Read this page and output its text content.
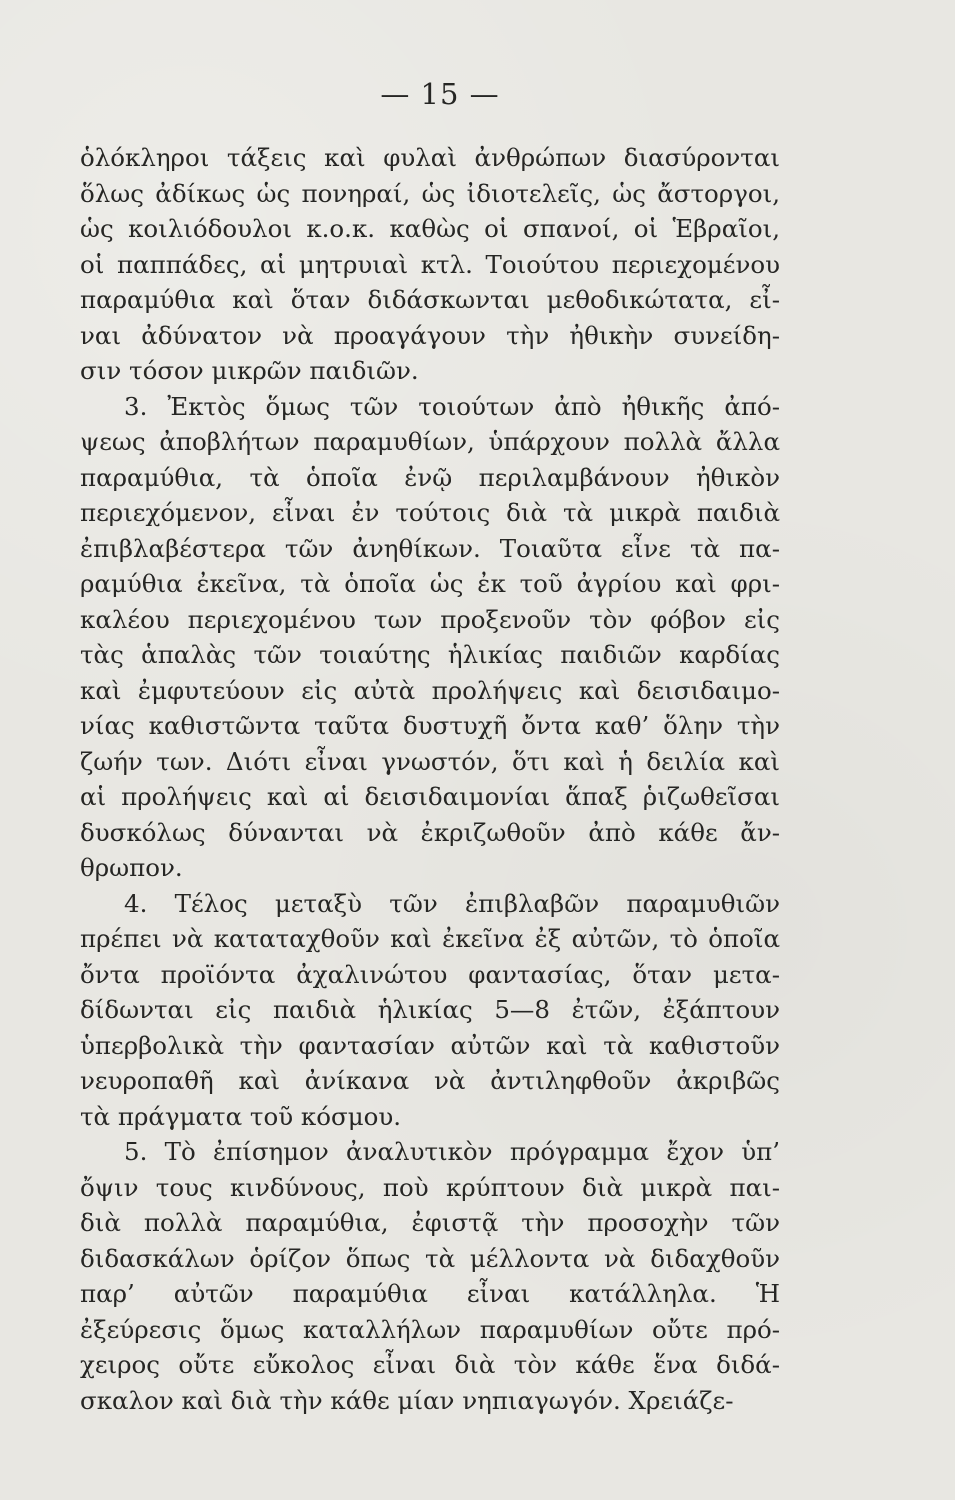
— 15 —
ὁλόκληροι τάξεις καὶ φυλαὶ ἀνθρώπων διασύρονται
ὅλως ἀδίκως ὡς πονηραί, ὡς ἰδιοτελεῖς, ὡς ἄστοργοι,
ὡς κοιλιόδουλοι κ.ο.κ. καθὼς οἱ σπανοί, οἱ Ἑβραῖοι,
οἱ παππάδες, αἱ μητρυιαὶ κτλ. Τοιούτου περιεχομένου
παραμύθια καὶ ὅταν διδάσκωνται μεθοδικώτατα, εἶ-
ναι ἀδύνατον νὰ προαγάγουν τὴν ἠθικὴν συνείδη-
σιν τόσον μικρῶν παιδιῶν.
3. Ἐκτὸς ὅμως τῶν τοιούτων ἀπὸ ἠθικῆς ἀπό-
ψεως ἀποβλήτων παραμυθίων, ὑπάρχουν πολλὰ ἄλλα
παραμύθια, τὰ ὁποῖα ἐνῷ περιλαμβάνουν ἠθικὸν
περιεχόμενον, εἶναι ἐν τούτοις διὰ τὰ μικρὰ παιδιὰ
ἐπιβλαβέστερα τῶν ἀνηθίκων. Τοιαῦτα εἶνε τὰ πα-
ραμύθια ἐκεῖνα, τὰ ὁποῖα ὡς ἐκ τοῦ ἀγρίου καὶ φρι-
καλέου περιεχομένου των προξενοῦν τὸν φόβον εἰς
τὰς ἁπαλὰς τῶν τοιαύτης ἡλικίας παιδιῶν καρδίας
καὶ ἐμφυτεύουν εἰς αὐτὰ προλήψεις καὶ δεισιδαιμο-
νίας καθιστῶντα ταῦτα δυστυχῆ ὄντα καθ’ ὅλην τὴν
ζωήν των. Διότι εἶναι γνωστόν, ὅτι καὶ ἡ δειλία καὶ
αἱ προλήψεις καὶ αἱ δεισιδαιμονίαι ἅπαξ ῥιζωθεῖσαι
δυσκόλως δύνανται νὰ ἐκριζωθοῦν ἀπὸ κάθε ἄν-
θρωπον.
4. Τέλος μεταξὺ τῶν ἐπιβλαβῶν παραμυθιῶν
πρέπει νὰ καταταχθοῦν καὶ ἐκεῖνα ἐξ αὐτῶν, τὸ ὁποῖα
ὄντα προϊόντα ἀχαλινώτου φαντασίας, ὅταν μετα-
δίδωνται εἰς παιδιὰ ἡλικίας 5—8 ἐτῶν, ἐξάπτουν
ὑπερβολικὰ τὴν φαντασίαν αὐτῶν καὶ τὰ καθιστοῦν
νευροπαθῆ καὶ ἀνίκανα νὰ ἀντιληφθοῦν ἀκριβῶς
τὰ πράγματα τοῦ κόσμου.
5. Τὸ ἐπίσημον ἀναλυτικὸν πρόγραμμα ἔχον ὑπ’
ὄψιν τους κινδύνους, ποὺ κρύπτουν διὰ μικρὰ παι-
διὰ πολλὰ παραμύθια, ἐφιστᾷ τὴν προσοχὴν τῶν
διδασκάλων ὁρίζον ὅπως τὰ μέλλοντα νὰ διδαχθοῦν
παρ’ αὐτῶν παραμύθια εἶναι κατάλληλα. Ἡ
ἐξεύρεσις ὅμως καταλλήλων παραμυθίων οὔτε πρό-
χειρος οὔτε εὔκολος εἶναι διὰ τὸν κάθε ἕνα διδά-
σκαλον καὶ διὰ τὴν κάθε μίαν νηπιαγωγόν. Χρειάζε-
